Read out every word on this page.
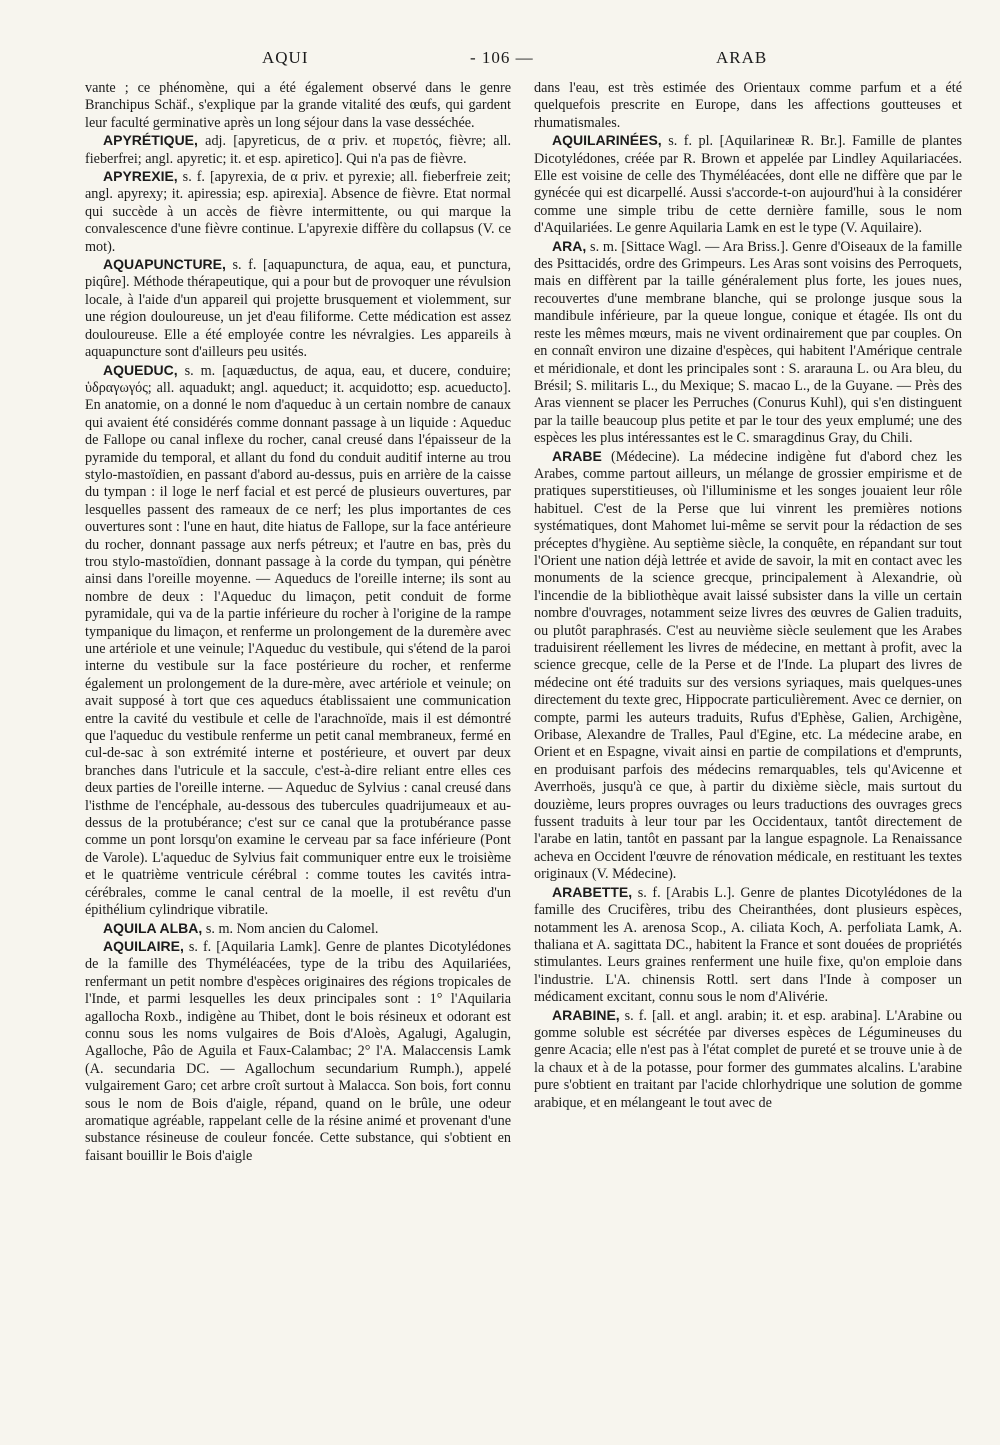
AQUI	- 106 —	ARAB

vante ; ce phénomène, qui a été également observé dans le genre Branchipus Schäf., s'explique par la grande vitalité des œufs, qui gardent leur faculté germinative après un long séjour dans la vase desséchée.

APYRÉTIQUE, adj. [apyreticus, de α priv. et πυρετός, fièvre; all. fieberfrei; angl. apyretic; it. et esp. apiretico]. Qui n'a pas de fièvre.

APYREXIE, s. f. [apyrexia, de α priv. et pyrexie; all. fieberfreie zeit; angl. apyrexy; it. apiressia; esp. apirexia]. Absence de fièvre. Etat normal qui succède à un accès de fièvre intermittente, ou qui marque la convalescence d'une fièvre continue. L'apyrexie diffère du collapsus (V. ce mot).

AQUAPUNCTURE, s. f. [aquapunctura, de aqua, eau, et punctura, piqûre]. Méthode thérapeutique, qui a pour but de provoquer une révulsion locale, à l'aide d'un appareil qui projette brusquement et violemment, sur une région douloureuse, un jet d'eau filiforme. Cette médication est assez douloureuse. Elle a été employée contre les névralgies. Les appareils à aquapuncture sont d'ailleurs peu usités.

AQUEDUC, s. m. [aquæductus, de aqua, eau, et ducere, conduire; ὑδραγωγός; all. aquadukt; angl. aqueduct; it. acquidotto; esp. acueducto]. En anatomie, on a donné le nom d'aqueduc à un certain nombre de canaux qui avaient été considérés comme donnant passage à un liquide : Aqueduc de Fallope ou canal inflexe du rocher, canal creusé dans l'épaisseur de la pyramide du temporal, et allant du fond du conduit auditif interne au trou stylo-mastoïdien, en passant d'abord au-dessus, puis en arrière de la caisse du tympan : il loge le nerf facial et est percé de plusieurs ouvertures, par lesquelles passent des rameaux de ce nerf; les plus importantes de ces ouvertures sont : l'une en haut, dite hiatus de Fallope, sur la face antérieure du rocher, donnant passage aux nerfs pétreux; et l'autre en bas, près du trou stylo-mastoïdien, donnant passage à la corde du tympan, qui pénètre ainsi dans l'oreille moyenne. — Aqueducs de l'oreille interne; ils sont au nombre de deux : l'Aqueduc du limaçon, petit conduit de forme pyramidale, qui va de la partie inférieure du rocher à l'origine de la rampe tympanique du limaçon, et renferme un prolongement de la duremère avec une artériole et une veinule; l'Aqueduc du vestibule, qui s'étend de la paroi interne du vestibule sur la face postérieure du rocher, et renferme également un prolongement de la dure-mère, avec artériole et veinule; on avait supposé à tort que ces aqueducs établissaient une communication entre la cavité du vestibule et celle de l'arachnoïde, mais il est démontré que l'aqueduc du vestibule renferme un petit canal membraneux, fermé en cul-de-sac à son extrémité interne et postérieure, et ouvert par deux branches dans l'utricule et la saccule, c'est-à-dire reliant entre elles ces deux parties de l'oreille interne. — Aqueduc de Sylvius : canal creusé dans l'isthme de l'encéphale, au-dessous des tubercules quadrijumeaux et au-dessus de la protubérance; c'est sur ce canal que la protubérance passe comme un pont lorsqu'on examine le cerveau par sa face inférieure (Pont de Varole). L'aqueduc de Sylvius fait communiquer entre eux le troisième et le quatrième ventricule cérébral : comme toutes les cavités intra-cérébrales, comme le canal central de la moelle, il est revêtu d'un épithélium cylindrique vibratile.

AQUILA ALBA, s. m. Nom ancien du Calomel.

AQUILAIRE, s. f. [Aquilaria Lamk]. Genre de plantes Dicotylédones de la famille des Thyméléacées, type de la tribu des Aquilariées, renfermant un petit nombre d'espèces originaires des régions tropicales de l'Inde, et parmi lesquelles les deux principales sont : 1° l'Aquilaria agallocha Roxb., indigène au Thibet, dont le bois résineux et odorant est connu sous les noms vulgaires de Bois d'Aloès, Agalugi, Agalugin, Agalloche, Pâo de Aguila et Faux-Calambac; 2° l'A. Malaccensis Lamk (A. secundaria DC. — Agallochum secundarium Rumph.), appelé vulgairement Garo; cet arbre croît surtout à Malacca. Son bois, fort connu sous le nom de Bois d'aigle, répand, quand on le brûle, une odeur aromatique agréable, rappelant celle de la résine animé et provenant d'une substance résineuse de couleur foncée. Cette substance, qui s'obtient en faisant bouillir le Bois d'aigle

dans l'eau, est très estimée des Orientaux comme parfum et a été quelquefois prescrite en Europe, dans les affections goutteuses et rhumatismales.

AQUILARINÉES, s. f. pl. [Aquilarineæ R. Br.]. Famille de plantes Dicotylédones, créée par R. Brown et appelée par Lindley Aquilariacées. Elle est voisine de celle des Thyméléacées, dont elle ne diffère que par le gynécée qui est dicarpellé. Aussi s'accorde-t-on aujourd'hui à la considérer comme une simple tribu de cette dernière famille, sous le nom d'Aquilariées. Le genre Aquilaria Lamk en est le type (V. Aquilaire).

ARA, s. m. [Sittace Wagl. — Ara Briss.]. Genre d'Oiseaux de la famille des Psittacidés, ordre des Grimpeurs. Les Aras sont voisins des Perroquets, mais en diffèrent par la taille généralement plus forte, les joues nues, recouvertes d'une membrane blanche, qui se prolonge jusque sous la mandibule inférieure, par la queue longue, conique et étagée. Ils ont du reste les mêmes mœurs, mais ne vivent ordinairement que par couples. On en connaît environ une dizaine d'espèces, qui habitent l'Amérique centrale et méridionale, et dont les principales sont : S. ararauna L. ou Ara bleu, du Brésil; S. militaris L., du Mexique; S. macao L., de la Guyane. — Près des Aras viennent se placer les Perruches (Conurus Kuhl), qui s'en distinguent par la taille beaucoup plus petite et par le tour des yeux emplumé; une des espèces les plus intéressantes est le C. smaragdinus Gray, du Chili.

ARABE (Médecine). La médecine indigène fut d'abord chez les Arabes, comme partout ailleurs, un mélange de grossier empirisme et de pratiques superstitieuses, où l'illuminisme et les songes jouaient leur rôle habituel. C'est de la Perse que lui vinrent les premières notions systématiques, dont Mahomet lui-même se servit pour la rédaction de ses préceptes d'hygiène. Au septième siècle, la conquête, en répandant sur tout l'Orient une nation déjà lettrée et avide de savoir, la mit en contact avec les monuments de la science grecque, principalement à Alexandrie, où l'incendie de la bibliothèque avait laissé subsister dans la ville un certain nombre d'ouvrages, notamment seize livres des œuvres de Galien traduits, ou plutôt paraphrasés. C'est au neuvième siècle seulement que les Arabes traduisirent réellement les livres de médecine, en mettant à profit, avec la science grecque, celle de la Perse et de l'Inde. La plupart des livres de médecine ont été traduits sur des versions syriaques, mais quelques-unes directement du texte grec, Hippocrate particulièrement. Avec ce dernier, on compte, parmi les auteurs traduits, Rufus d'Ephèse, Galien, Archigène, Oribase, Alexandre de Tralles, Paul d'Egine, etc. La médecine arabe, en Orient et en Espagne, vivait ainsi en partie de compilations et d'emprunts, en produisant parfois des médecins remarquables, tels qu'Avicenne et Averrhoës, jusqu'à ce que, à partir du dixième siècle, mais surtout du douzième, leurs propres ouvrages ou leurs traductions des ouvrages grecs fussent traduits à leur tour par les Occidentaux, tantôt directement de l'arabe en latin, tantôt en passant par la langue espagnole. La Renaissance acheva en Occident l'œuvre de rénovation médicale, en restituant les textes originaux (V. Médecine).

ARABETTE, s. f. [Arabis L.]. Genre de plantes Dicotylédones de la famille des Crucifères, tribu des Cheiranthées, dont plusieurs espèces, notamment les A. arenosa Scop., A. ciliata Koch, A. perfoliata Lamk, A. thaliana et A. sagittata DC., habitent la France et sont douées de propriétés stimulantes. Leurs graines renferment une huile fixe, qu'on emploie dans l'industrie. L'A. chinensis Rottl. sert dans l'Inde à composer un médicament excitant, connu sous le nom d'Alivérie.

ARABINE, s. f. [all. et angl. arabin; it. et esp. arabina]. L'Arabine ou gomme soluble est sécrétée par diverses espèces de Légumineuses du genre Acacia; elle n'est pas à l'état complet de pureté et se trouve unie à de la chaux et à de la potasse, pour former des gummates alcalins. L'arabine pure s'obtient en traitant par l'acide chlorhydrique une solution de gomme arabique, et en mélangeant le tout avec de
